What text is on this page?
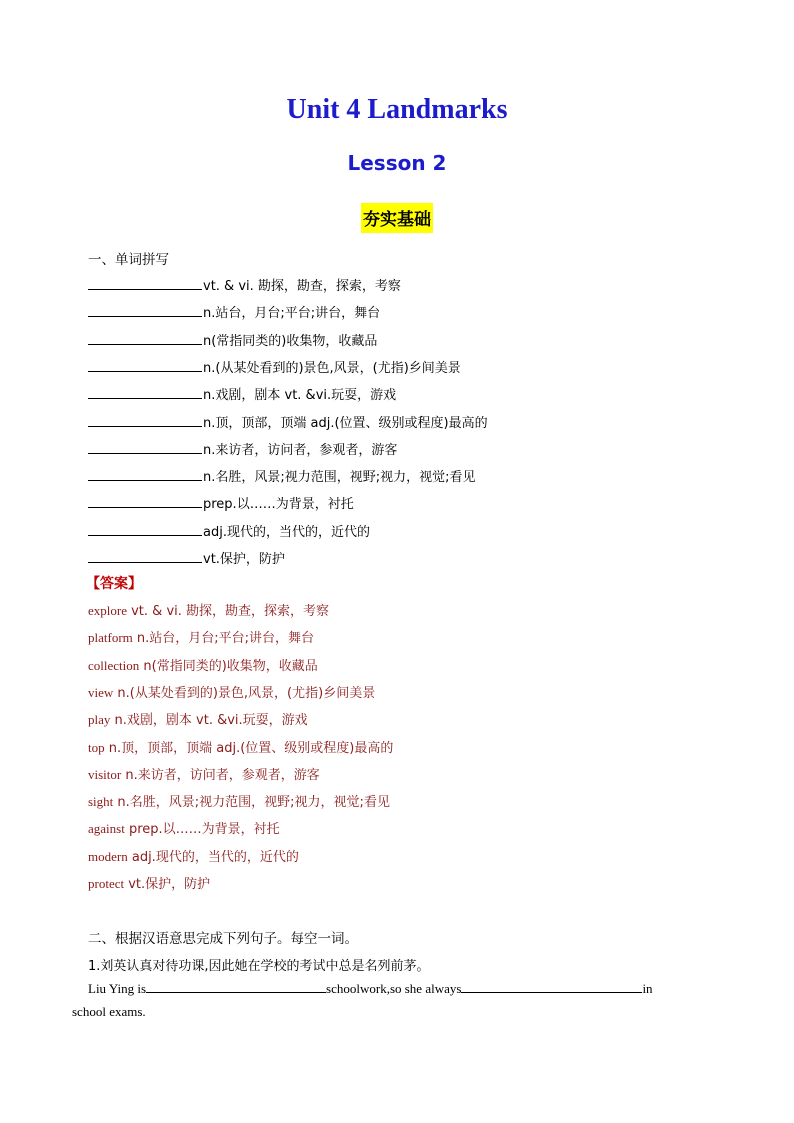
Unit 4 Landmarks
Lesson 2
夯实基础
一、单词拼写
vt. & vi. 勘探，勘查，探索，考察
n.站台，月台;平台;讲台，舞台
n(常指同类的)收集物，收藏品
n.(从某处看到的)景色,风景，(尤指)乡间美景
n.戏剧，剧本 vt. &vi.玩耍，游戏
n.顶，顶部，顶端 adj.(位置、级别或程度)最高的
n.来访者，访问者，参观者，游客
n.名胜，风景;视力范围，视野;视力，视觉;看见
prep.以……为背景，衬托
adj.现代的，当代的，近代的
vt.保护，防护
【答案】
explore vt. & vi. 勘探，勘查，探索，考察
platform n.站台，月台;平台;讲台，舞台
collection n(常指同类的)收集物，收藏品
view n.(从某处看到的)景色,风景，(尤指)乡间美景
play n.戏剧，剧本 vt. &vi.玩耍，游戏
top n.顶，顶部，顶端 adj.(位置、级别或程度)最高的
visitor n.来访者，访问者，参观者，游客
sight n.名胜，风景;视力范围，视野;视力，视觉;看见
against prep.以……为背景，衬托
modern adj.现代的，当代的，近代的
protect vt.保护，防护
二、根据汉语意思完成下列句子。每空一词。
1.刘英认真对待功课,因此她在学校的考试中总是名列前茅。
Liu Ying is	schoolwork,so she always	in
school exams.
